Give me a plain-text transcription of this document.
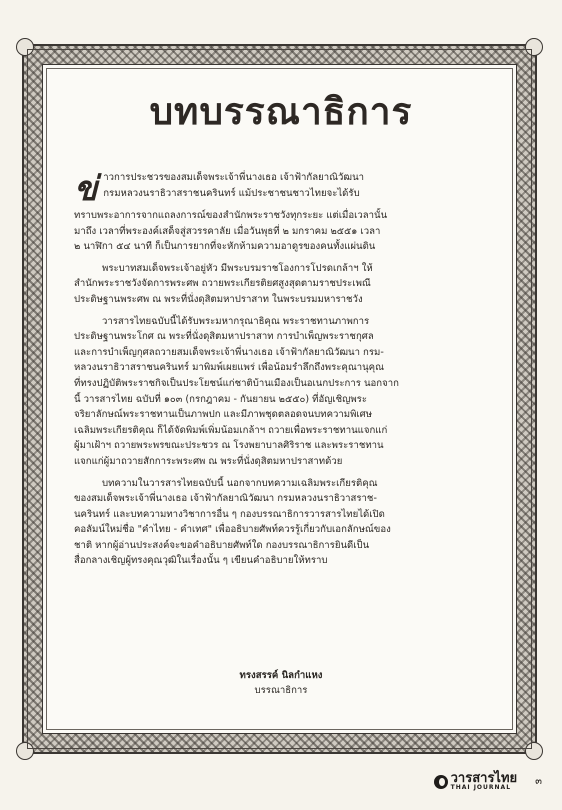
บทบรรณาธิการ
ข่ าวการประชวรของสมเด็จพระเจ้าพี่นางเธอ เจ้าฟ้ากัลยาณิวัฒนา
กรมหลวงนราธิวาสราชนครินทร์ แม้ประชาชนชาวไทยจะได้รับ
ทราบพระอาการจากแถลงการณ์ของสำนักพระราชวังทุกระยะ แต่เมื่อเวลานั้น
มาถึง เวลาที่พระองค์เสด็จสู่สวรรคาลัย เมื่อวันพุธที่ ๒ มกราคม ๒๕๕๑ เวลา
๒ นาฬิกา ๕๔ นาที ก็เป็นการยากที่จะหักห้ามความอาดูรของคนทั้งแผ่นดิน
พระบาทสมเด็จพระเจ้าอยู่หัว มีพระบรมราชโองการโปรดเกล้าฯ ให้
สำนักพระราชวังจัดการพระศพ ถวายพระเกียรติยศสูงสุดตามราชประเพณี
ประดิษฐานพระศพ ณ พระที่นั่งดุสิตมหาปราสาท ในพระบรมมหาราชวัง
วารสารไทยฉบับนี้ได้รับพระมหากรุณาธิคุณ พระราชทานภาพการ
ประดิษฐานพระโกศ ณ พระที่นั่งดุสิตมหาปราสาท การบำเพ็ญพระราชกุศล
และการบำเพ็ญกุศลถวายสมเด็จพระเจ้าพี่นางเธอ เจ้าฟ้ากัลยาณิวัฒนา กรม-
หลวงนราธิวาสราชนครินทร์ มาพิมพ์เผยแพร่ เพื่อน้อมรำลึกถึงพระคุณานุคุณ
ที่ทรงปฏิบัติพระราชกิจเป็นประโยชน์แก่ชาติบ้านเมืองเป็นอเนกประการ นอกจาก
นี้ วารสารไทย ฉบับที่ ๑๐๓ (กรกฎาคม - กันยายน ๒๕๕๐) ที่อัญเชิญพระ
จริยาลักษณ์พระราชทานเป็นภาพปก และมีภาพชุดตลอดจนบทความพิเศษ
เฉลิมพระเกียรติคุณ ก็ได้จัดพิมพ์เพิ่มน้อมเกล้าฯ ถวายเพื่อพระราชทานแจกแก่
ผู้มาเฝ้าฯ ถวายพระพรขณะประชวร ณ โรงพยาบาลศิริราช และพระราชทาน
แจกแก่ผู้มาถวายสักการะพระศพ ณ พระที่นั่งดุสิตมหาปราสาทด้วย
บทความในวารสารไทยฉบับนี้ นอกจากบทความเฉลิมพระเกียรติคุณ
ของสมเด็จพระเจ้าพี่นางเธอ เจ้าฟ้ากัลยาณิวัฒนา กรมหลวงนราธิวาสราช-
นครินทร์ และบทความทางวิชาการอื่น ๆ กองบรรณาธิการวารสารไทยได้เปิด
คอลัมน์ใหม่ชื่อ "คำไทย - คำเทศ" เพื่ออธิบายศัพท์ควรรู้เกี่ยวกับเอกลักษณ์ของ
ชาติ หากผู้อ่านประสงค์จะขอคำอธิบายศัพท์ใด กองบรรณาธิการยินดีเป็น
สื่อกลางเชิญผู้ทรงคุณวุฒิในเรื่องนั้น ๆ เขียนคำอธิบายให้ทราบ
ทรงสรรค์ นิลกำแหง
บรรณาธิการ
วารสารไทย
THAI JOURNAL
๓
